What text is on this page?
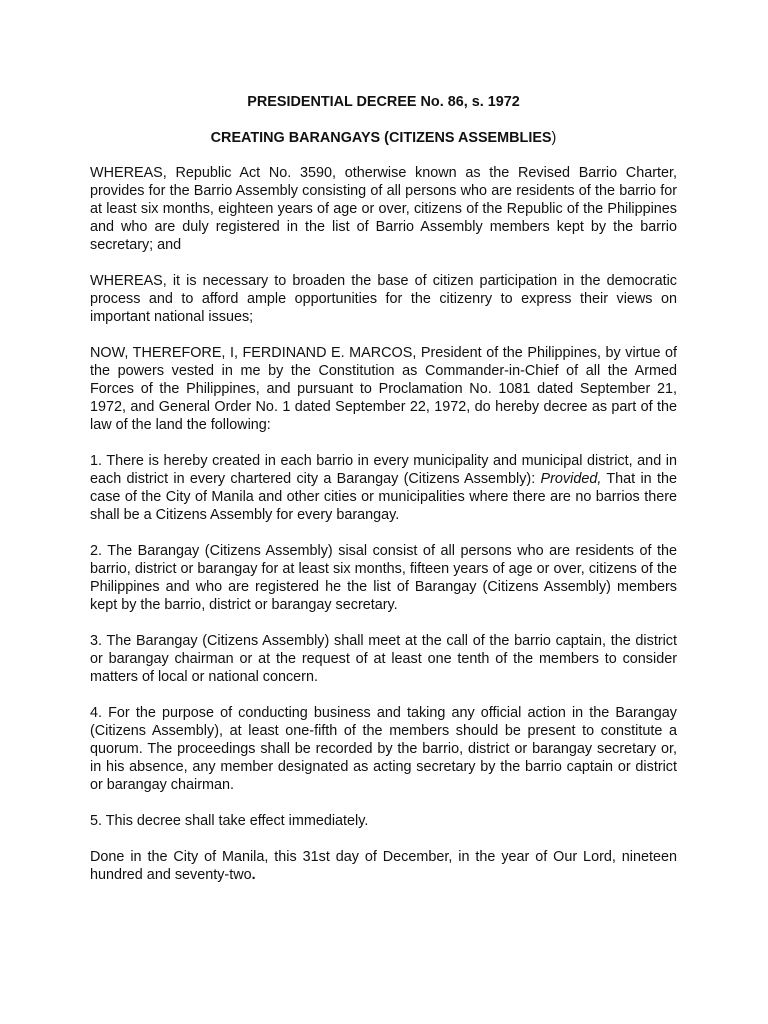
PRESIDENTIAL DECREE No. 86, s. 1972

CREATING BARANGAYS (CITIZENS ASSEMBLIES)

WHEREAS, Republic Act No. 3590, otherwise known as the Revised Barrio Charter, provides for the Barrio Assembly consisting of all persons who are residents of the barrio for at least six months, eighteen years of age or over, citizens of the Republic of the Philippines and who are duly registered in the list of Barrio Assembly members kept by the barrio secretary; and

WHEREAS, it is necessary to broaden the base of citizen participation in the democratic process and to afford ample opportunities for the citizenry to express their views on important national issues;

NOW, THEREFORE, I, FERDINAND E. MARCOS, President of the Philippines, by virtue of the powers vested in me by the Constitution as Commander-in-Chief of all the Armed Forces of the Philippines, and pursuant to Proclamation No. 1081 dated September 21, 1972, and General Order No. 1 dated September 22, 1972, do hereby decree as part of the law of the land the following:

1. There is hereby created in each barrio in every municipality and municipal district, and in each district in every chartered city a Barangay (Citizens Assembly): Provided, That in the case of the City of Manila and other cities or municipalities where there are no barrios there shall be a Citizens Assembly for every barangay.

2. The Barangay (Citizens Assembly) sisal consist of all persons who are residents of the barrio, district or barangay for at least six months, fifteen years of age or over, citizens of the Philippines and who are registered he the list of Barangay (Citizens Assembly) members kept by the barrio, district or barangay secretary.

3. The Barangay (Citizens Assembly) shall meet at the call of the barrio captain, the district or barangay chairman or at the request of at least one tenth of the members to consider matters of local or national concern.

4. For the purpose of conducting business and taking any official action in the Barangay (Citizens Assembly), at least one-fifth of the members should be present to constitute a quorum. The proceedings shall be recorded by the barrio, district or barangay secretary or, in his absence, any member designated as acting secretary by the barrio captain or district or barangay chairman.

5. This decree shall take effect immediately.

Done in the City of Manila, this 31st day of December, in the year of Our Lord, nineteen hundred and seventy-two.
